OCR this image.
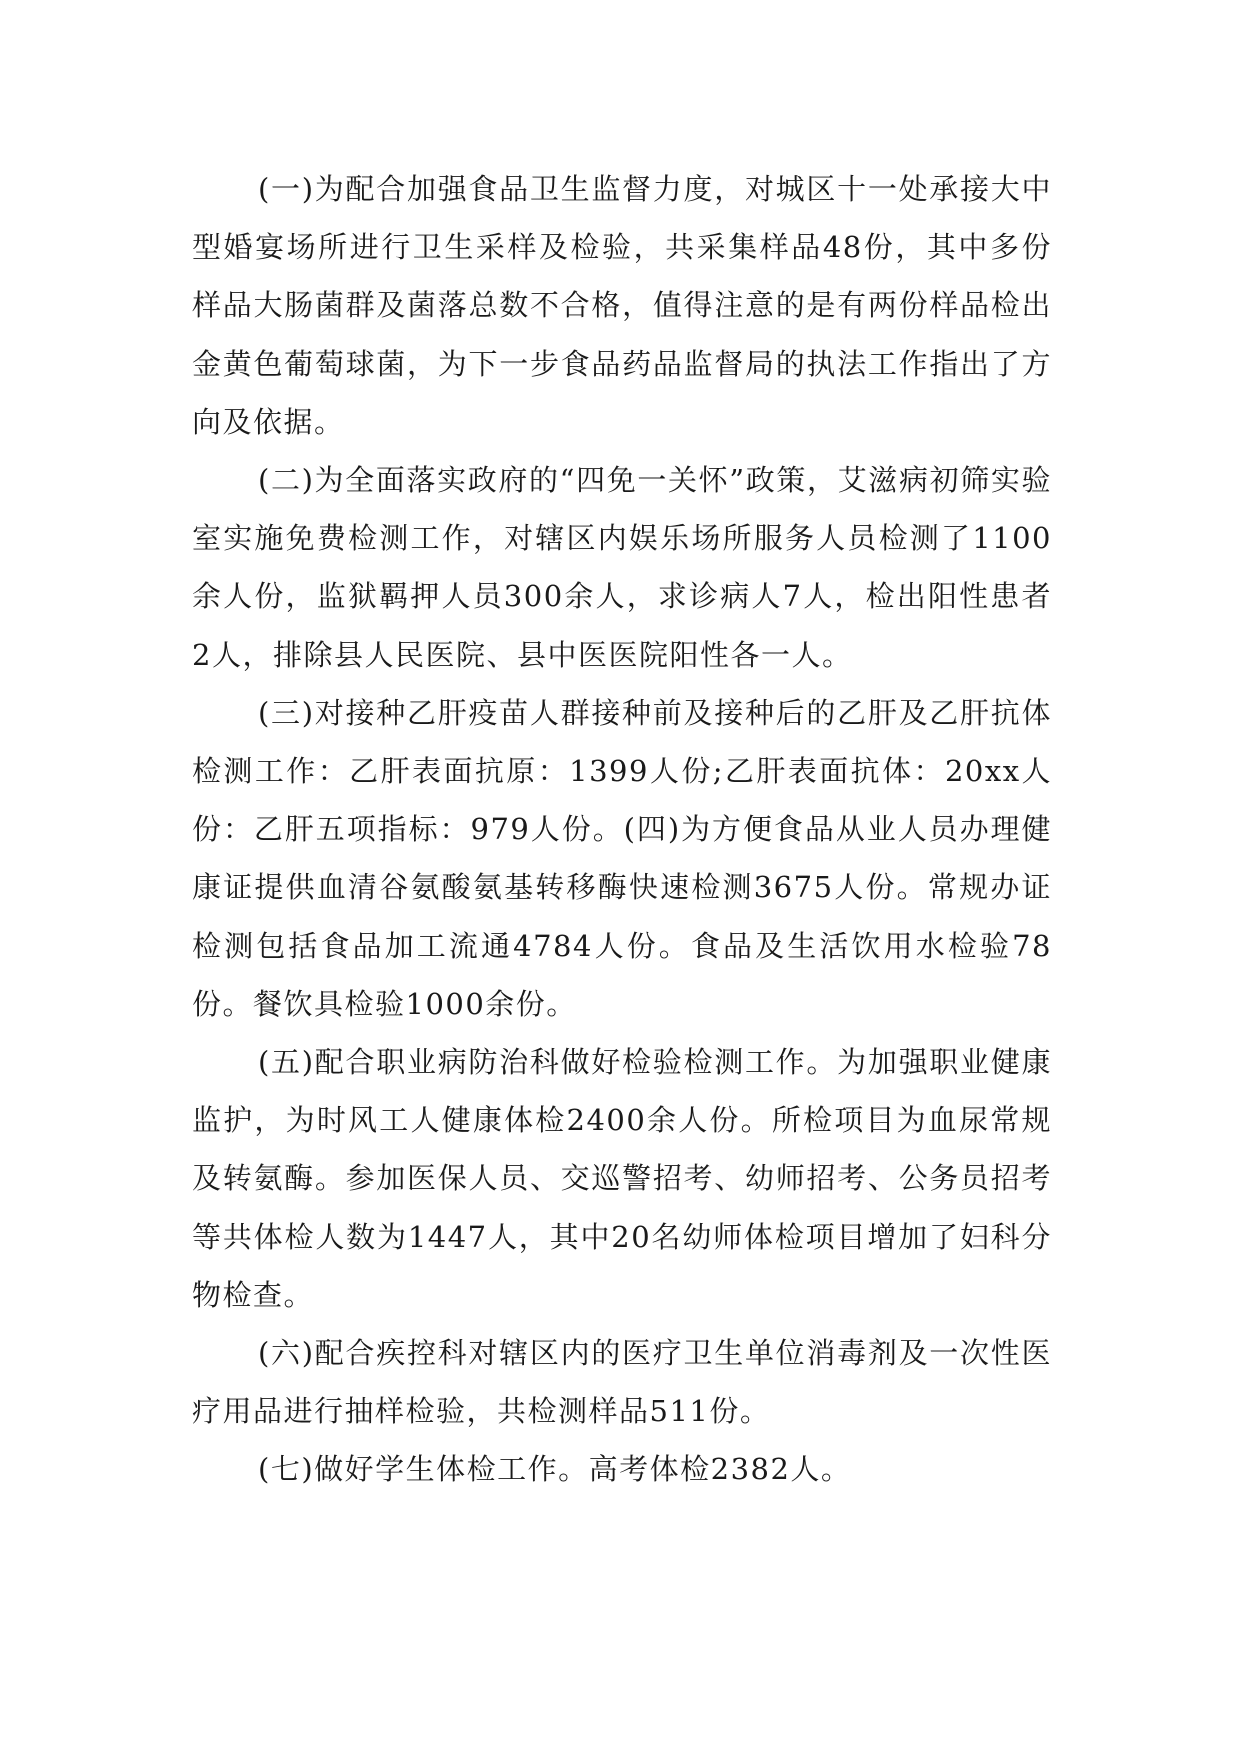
(一)为配合加强食品卫生监督力度，对城区十一处承接大中型婚宴场所进行卫生采样及检验，共采集样品48份，其中多份样品大肠菌群及菌落总数不合格，值得注意的是有两份样品检出金黄色葡萄球菌，为下一步食品药品监督局的执法工作指出了方向及依据。

(二)为全面落实政府的“四免一关怀”政策，艾滋病初筛实验室实施免费检测工作，对辖区内娱乐场所服务人员检测了1100余人份，监狱羁押人员300余人，求诊病人7人，检出阳性患者2人，排除县人民医院、县中医医院阳性各一人。

(三)对接种乙肝疫苗人群接种前及接种后的乙肝及乙肝抗体检测工作：乙肝表面抗原：1399人份;乙肝表面抗体：20xx人份：乙肝五项指标：979人份。(四)为方便食品从业人员办理健康证提供血清谷氨酸氨基转移酶快速检测3675人份。常规办证检测包括食品加工流通4784人份。食品及生活饮用水检验78份。餐饮具检验1000余份。

(五)配合职业病防治科做好检验检测工作。为加强职业健康监护，为时风工人健康体检2400余人份。所检项目为血尿常规及转氨酶。参加医保人员、交巡警招考、幼师招考、公务员招考等共体检人数为1447人，其中20名幼师体检项目增加了妇科分物检查。

(六)配合疾控科对辖区内的医疗卫生单位消毒剂及一次性医疗用品进行抽样检验，共检测样品511份。

(七)做好学生体检工作。高考体检2382人。
